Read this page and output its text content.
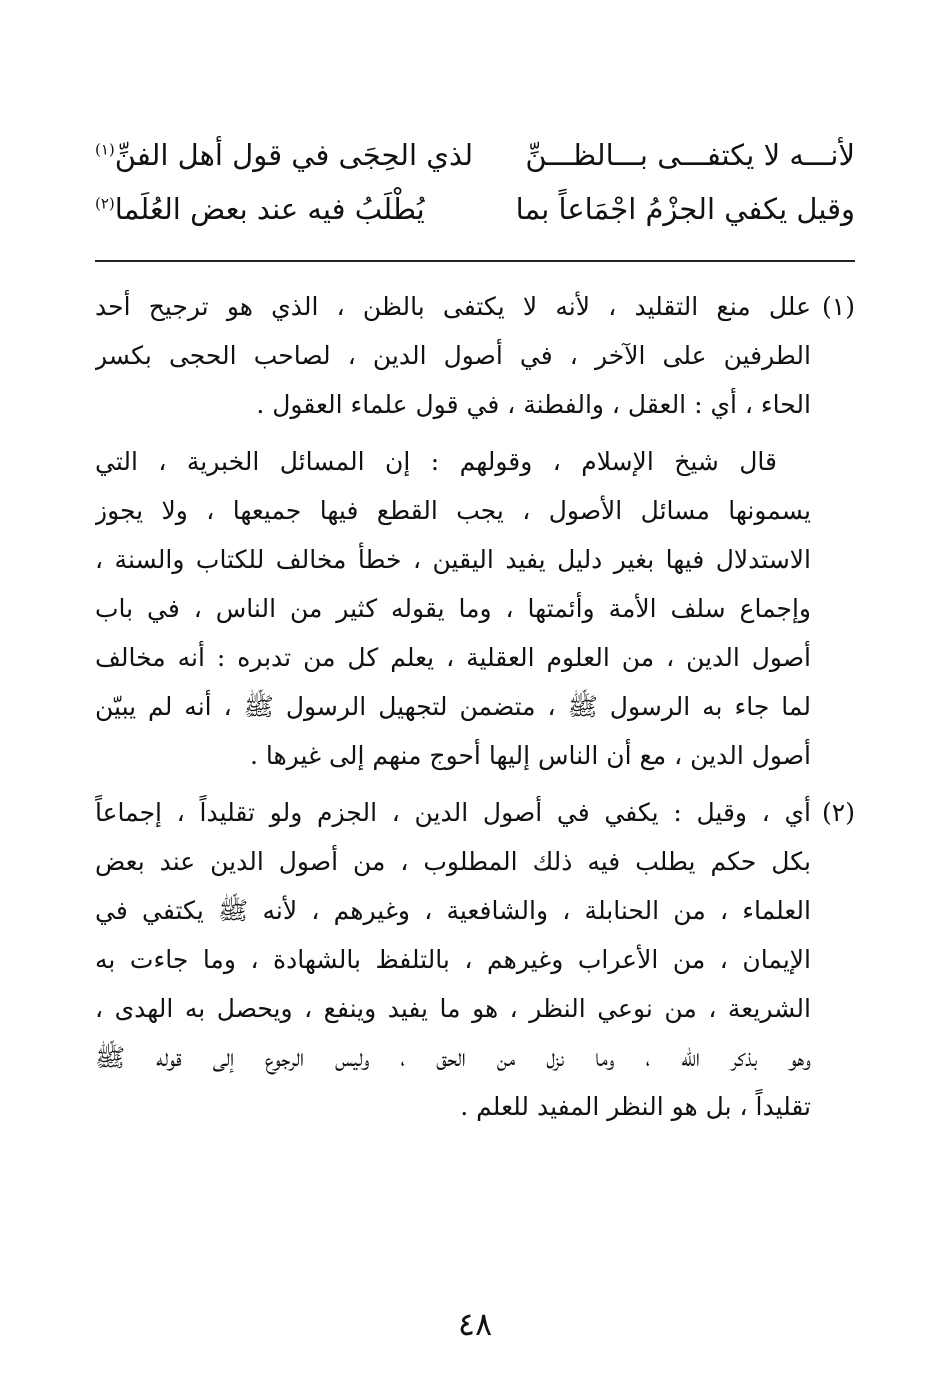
لأنـــه لا يكتفـــى بـــالظـــنِّ
لذي الحِجَى في قول أهل الفنِّ$^{(١)}$
وقيل يكفي الجزْمُ اجْمَاعاً بما
يُطْلَبُ فيه عند بعض العُلَما$^{(٢)}$
(١)
علل منع التقليد ، لأنه لا يكتفى بالظن ، الذي هو ترجيح أحد
الطرفين على الآخر ، في أصول الدين ، لصاحب الحجى بكسر
الحاء ، أي : العقل ، والفطنة ، في قول علماء العقول .
قال شيخ الإسلام ، وقولهم : إن المسائل الخبرية ، التي
يسمونها مسائل الأصول ، يجب القطع فيها جميعها ، ولا يجوز
الاستدلال فيها بغير دليل يفيد اليقين ، خطأ مخالف للكتاب والسنة ،
وإجماع سلف الأمة وأئمتها ، وما يقوله كثير من الناس ، في باب
أصول الدين ، من العلوم العقلية ، يعلم كل من تدبره : أنه مخالف
لما جاء به الرسول ﷺ ، متضمن لتجهيل الرسول ﷺ ، أنه لم يبيّن
أصول الدين ، مع أن الناس إليها أحوج منهم إلى غيرها .
(٢)
أي ، وقيل : يكفي في أصول الدين ، الجزم ولو تقليداً ، إجماعاً
بكل حكم يطلب فيه ذلك المطلوب ، من أصول الدين عند بعض
العلماء ، من الحنابلة ، والشافعية ، وغيرهم ، لأنه ﷺ يكتفي في
الإيمان ، من الأعراب وغيرهم ، بالتلفظ بالشهادة ، وما جاءت به
الشريعة ، من نوعي النظر ، هو ما يفيد وينفع ، ويحصل به الهدى ،
وهو بذكر الله ، وما نزل من الحق ، وليس الرجوع إلى قوله ﷺ
تقليداً ، بل هو النظر المفيد للعلم .
٤٨
